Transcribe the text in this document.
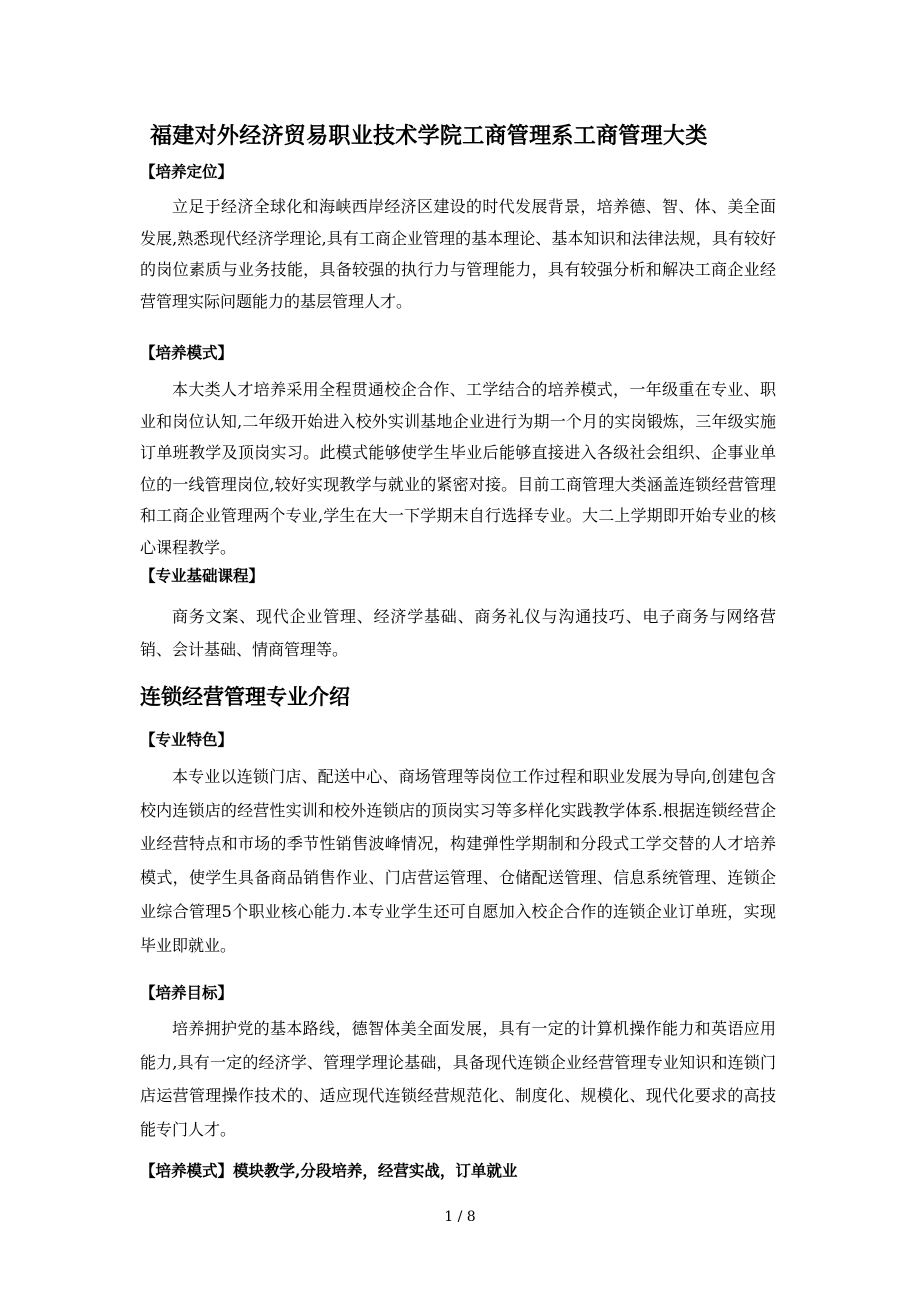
福建对外经济贸易职业技术学院工商管理系工商管理大类
【培养定位】
立足于经济全球化和海峡西岸经济区建设的时代发展背景，培养德、智、体、美全面发展,熟悉现代经济学理论,具有工商企业管理的基本理论、基本知识和法律法规，具有较好的岗位素质与业务技能，具备较强的执行力与管理能力，具有较强分析和解决工商企业经营管理实际问题能力的基层管理人才。
【培养模式】
本大类人才培养采用全程贯通校企合作、工学结合的培养模式，一年级重在专业、职业和岗位认知,二年级开始进入校外实训基地企业进行为期一个月的实岗锻炼，三年级实施订单班教学及顶岗实习。此模式能够使学生毕业后能够直接进入各级社会组织、企事业单位的一线管理岗位,较好实现教学与就业的紧密对接。目前工商管理大类涵盖连锁经营管理和工商企业管理两个专业,学生在大一下学期末自行选择专业。大二上学期即开始专业的核心课程教学。
【专业基础课程】
商务文案、现代企业管理、经济学基础、商务礼仪与沟通技巧、电子商务与网络营销、会计基础、情商管理等。
连锁经营管理专业介绍
【专业特色】
本专业以连锁门店、配送中心、商场管理等岗位工作过程和职业发展为导向,创建包含校内连锁店的经营性实训和校外连锁店的顶岗实习等多样化实践教学体系.根据连锁经营企业经营特点和市场的季节性销售波峰情况，构建弹性学期制和分段式工学交替的人才培养模式，使学生具备商品销售作业、门店营运管理、仓储配送管理、信息系统管理、连锁企业综合管理5个职业核心能力.本专业学生还可自愿加入校企合作的连锁企业订单班，实现毕业即就业。
【培养目标】
培养拥护党的基本路线，德智体美全面发展，具有一定的计算机操作能力和英语应用能力,具有一定的经济学、管理学理论基础，具备现代连锁企业经营管理专业知识和连锁门店运营管理操作技术的、适应现代连锁经营规范化、制度化、规模化、现代化要求的高技能专门人才。
【培养模式】模块教学,分段培养，经营实战，订单就业
1 / 8
